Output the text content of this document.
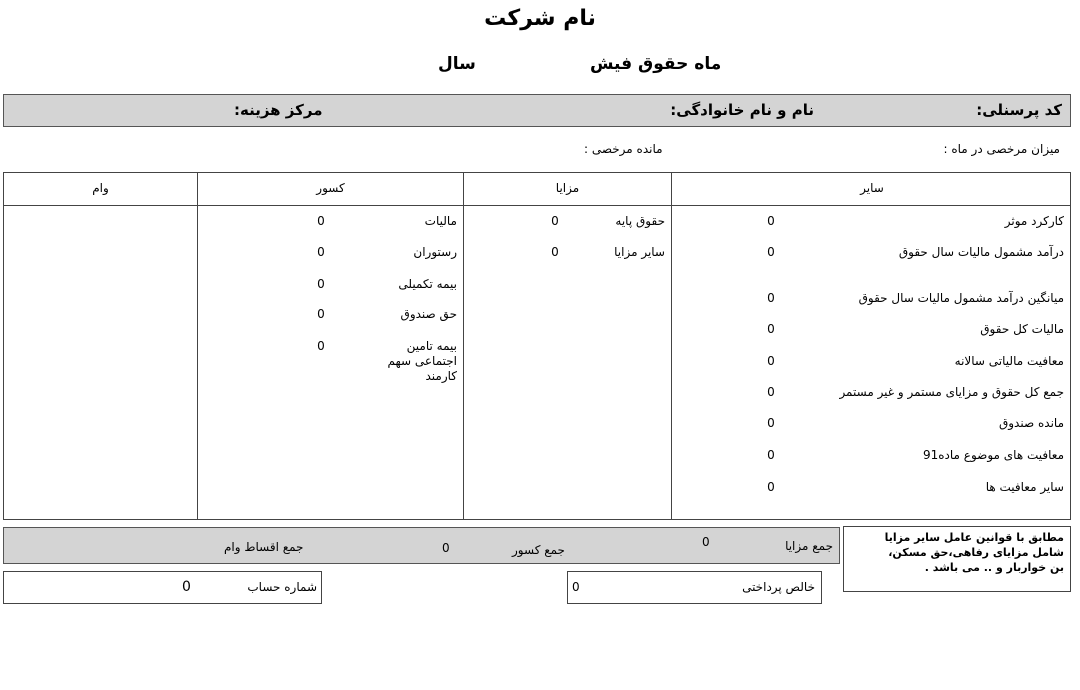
نام شرکت
ماه حقوق فیش
سال
کد پرسنلی:
نام و نام خانوادگی:
مرکز هزینه:
میزان مرخصی در ماه :
مانده مرخصی :
سایر
مزایا
کسور
وام
کارکرد موثر
0
درآمد مشمول مالیات سال حقوق
0
میانگین درآمد مشمول مالیات سال حقوق
0
مالیات کل حقوق
0
معافیت مالیاتی سالانه
0
جمع کل حقوق و مزایای مستمر و غیر مستمر
0
مانده صندوق
0
معافیت های موضوع ماده91
0
سایر معافیت ها
0
حقوق پایه
0
سایر مزایا
0
مالیات
0
رستوران
0
بیمه تکمیلی
0
حق صندوق
0
بیمه تامین
اجتماعی سهم
کارمند
0
جمع مزایا
0
جمع کسور
0
جمع اقساط وام
مطابق با قوانین عامل سایر مزایا
شامل مزایای رفاهی،حق مسکن،
بن خواربار و .. می باشد .
خالص پرداختی
0
شماره حساب
0
